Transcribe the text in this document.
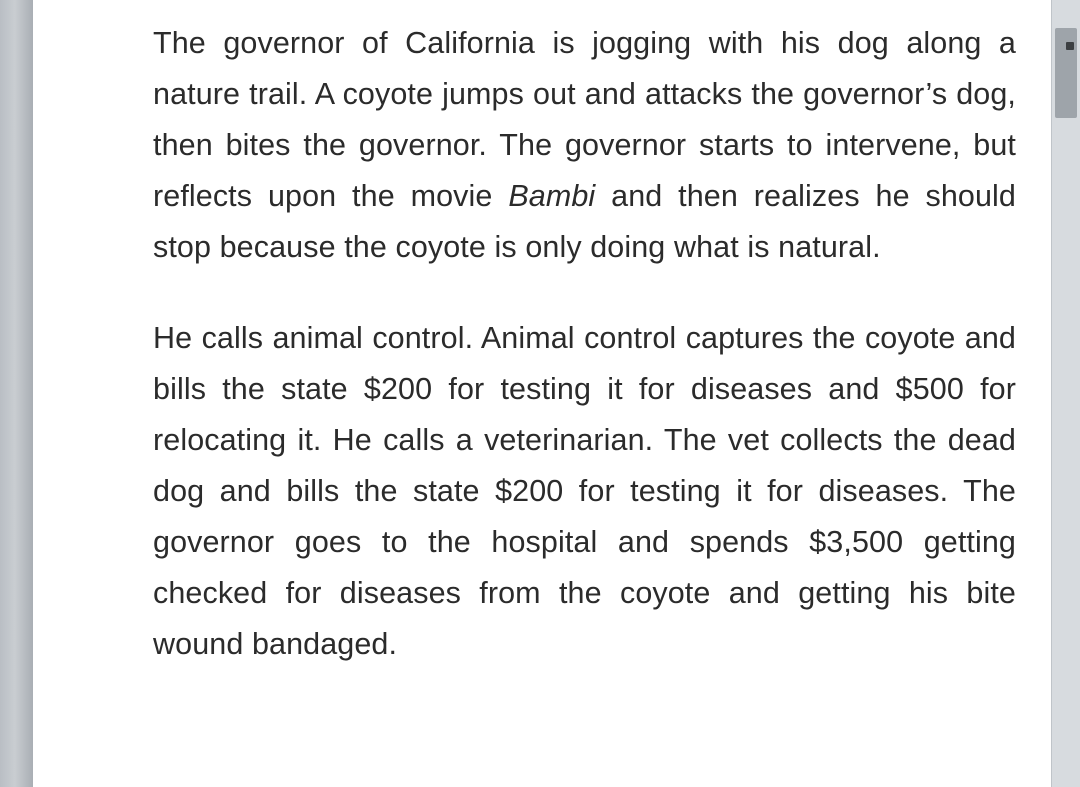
The governor of California is jogging with his dog along a nature trail. A coyote jumps out and attacks the governor’s dog, then bites the governor. The governor starts to intervene, but reflects upon the movie Bambi and then realizes he should stop because the coyote is only doing what is natural.

He calls animal control. Animal control captures the coyote and bills the state $200 for testing it for diseases and $500 for relocating it. He calls a veterinarian. The vet collects the dead dog and bills the state $200 for testing it for diseases. The governor goes to the hospital and spends $3,500 getting checked for diseases from the coyote and getting his bite wound bandaged.
